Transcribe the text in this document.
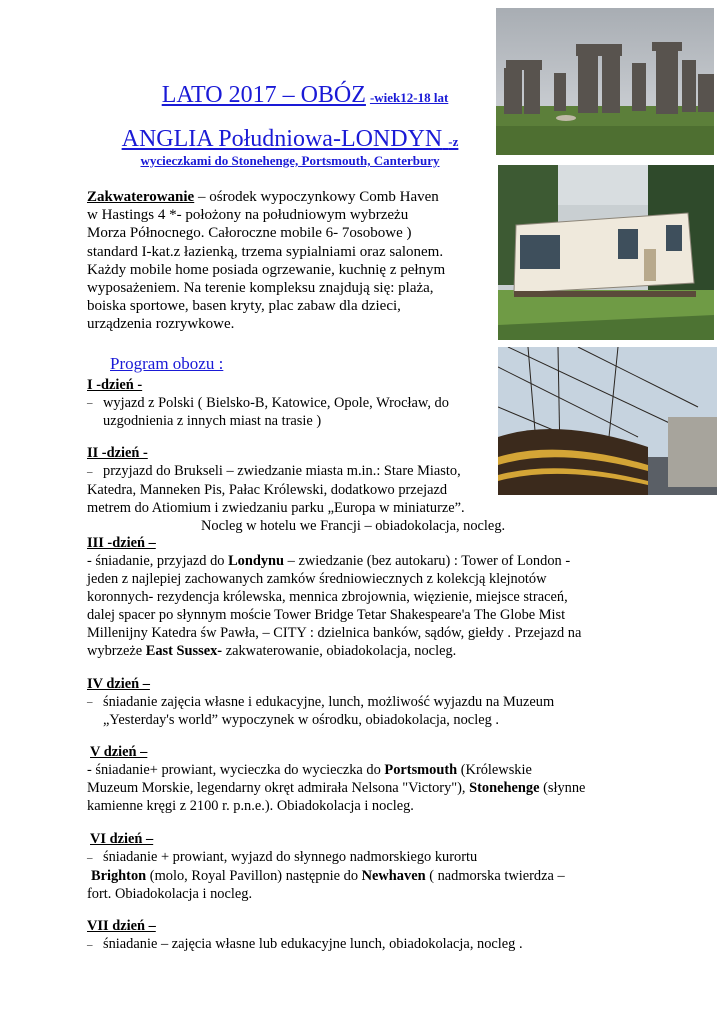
LATO 2017 – OBÓZ -wiek12-18 lat
ANGLIA Południowa-LONDYN -z
wycieczkami do Stonehenge, Portsmouth, Canterbury
Zakwaterowanie – ośrodek wypoczynkowy Comb Haven
w Hastings 4 *- położony na południowym wybrzeżu
Morza Północnego. Całoroczne mobile 6- 7osobowe )
standard I-kat.z łazienką, trzema sypialniami oraz salonem.
Każdy mobile home posiada ogrzewanie, kuchnię z pełnym
wyposażeniem. Na terenie kompleksu znajdują się: plaża,
boiska sportowe, basen kryty, plac zabaw dla dzieci,
urządzenia rozrywkowe.
Program obozu :
I -dzień -
– wyjazd z Polski ( Bielsko-B, Katowice, Opole, Wrocław, do
uzgodnienia z innych miast na trasie )
II -dzień -
– przyjazd do Brukseli – zwiedzanie miasta m.in.: Stare Miasto,
Katedra, Manneken Pis, Pałac Królewski, dodatkowo przejazd
metrem do Atiomium i zwiedzaniu parku „Europa w miniaturze”.
Nocleg w hotelu we Francji – obiadokolacja, nocleg.
III -dzień –
- śniadanie, przyjazd do Londynu – zwiedzanie (bez autokaru) : Tower of London -
jeden z najlepiej zachowanych zamków średniowiecznych z kolekcją klejnotów
koronnych- rezydencja królewska, mennica zbrojownia, więzienie, miejsce straceń,
dalej spacer po słynnym moście Tower Bridge Tetar Shakespeare'a The Globe Mist
Millenijny Katedra św Pawła, – CITY : dzielnica banków, sądów, giełdy . Przejazd na
wybrzeże East Sussex- zakwaterowanie, obiadokolacja, nocleg.
IV dzień –
– śniadanie zajęcia własne i edukacyjne, lunch, możliwość wyjazdu na Muzeum
„Yesterday's world” wypoczynek w ośrodku, obiadokolacja, nocleg .
V dzień –
- śniadanie+ prowiant, wycieczka do wycieczka do Portsmouth (Królewskie
Muzeum Morskie, legendarny okręt admirała Nelsona "Victory"), Stonehenge (słynne
kamienne kręgi z 2100 r. p.n.e.). Obiadokolacja i nocleg.
VI dzień –
– śniadanie + prowiant, wyjazd do słynnego nadmorskiego kurortu
Brighton (molo, Royal Pavillon) następnie do Newhaven ( nadmorska twierdza –
fort. Obiadokolacja i nocleg.
VII dzień –
– śniadanie – zajęcia własne lub edukacyjne lunch, obiadokolacja, nocleg .
